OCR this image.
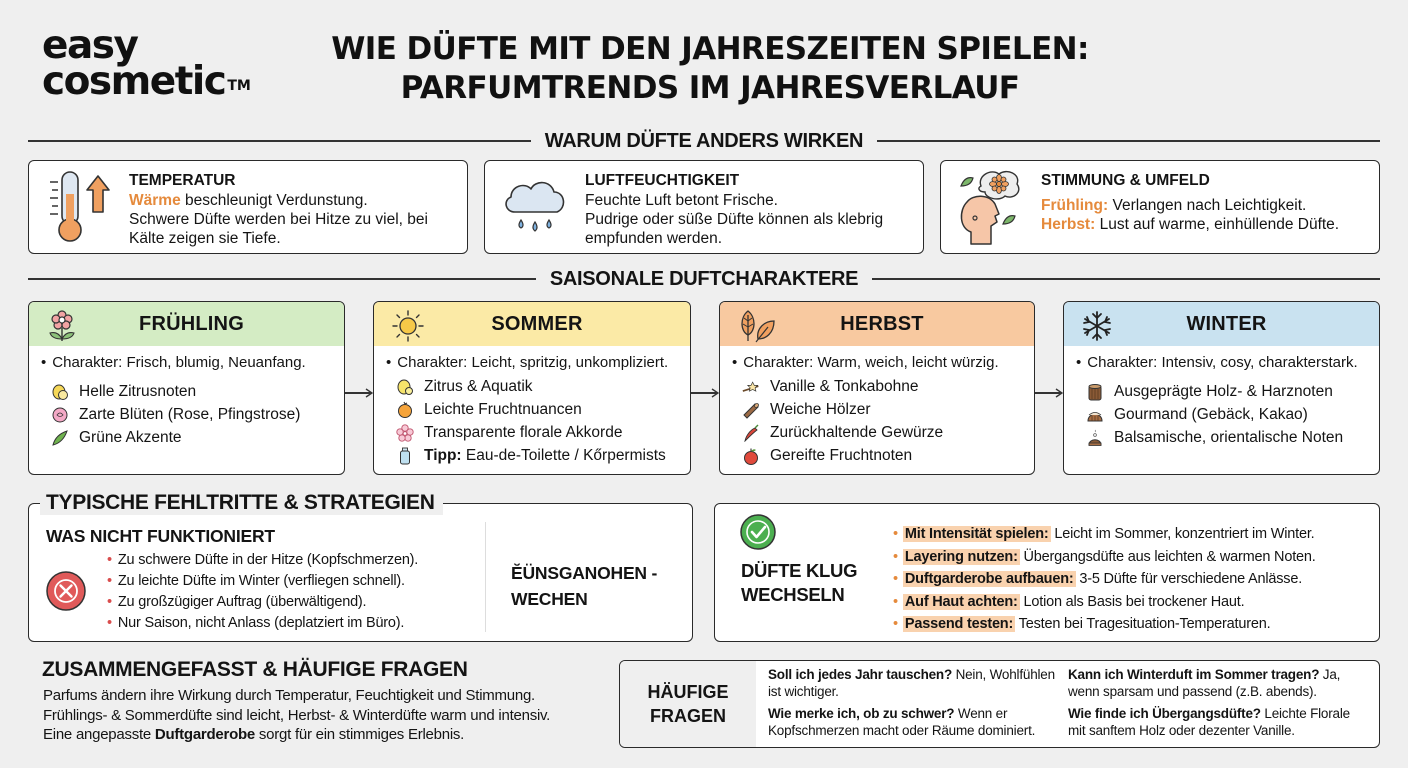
easy
cosmetic ™
WIE DÜFTE MIT DEN JAHRESZEITEN SPIELEN:
PARFUMTRENDS IM JAHRESVERLAUF
WARUM DÜFTE ANDERS WIRKEN
TEMPERATUR
Wärme beschleunigt Verdunstung.
Schwere Düfte werden bei Hitze zu viel, bei Kälte zeigen sie Tiefe.
LUFTFEUCHTIGKEIT
Feuchte Luft betont Frische.
Pudrige oder süße Düfte können als klebrig empfunden werden.
STIMMUNG & UMFELD
Frühling: Verlangen nach Leichtigkeit.
Herbst: Lust auf warme, einhüllende Düfte.
SAISONALE DUFTCHARAKTERE
FRÜHLING
• Charakter: Frisch, blumig, Neuanfang.
Helle Zitrusnoten
Zarte Blüten (Rose, Pfingstrose)
Grüne Akzente
SOMMER
• Charakter: Leicht, spritzig, unkompliziert.
Zitrus & Aquatik
Leichte Fruchtnuancen
Transparente florale Akkorde
Tipp: Eau-de-Toilette / Kőrpermists
HERBST
• Charakter: Warm, weich, leicht würzig.
Vanille & Tonkabohne
Weiche Hölzer
Zurückhaltende Gewürze
Gereifte Fruchtnoten
WINTER
• Charakter: Intensiv, cosy, charakterstark.
Ausgeprägte Holz- & Harznoten
Gourmand (Gebäck, Kakao)
Balsamische, orientalische Noten
WAS NICHT FUNKTIONIERT
• Zu schwere Düfte in der Hitze (Kopfschmerzen).
• Zu leichte Düfte im Winter (verfliegen schnell).
• Zu großzügiger Auftrag (überwältigend).
• Nur Saison, nicht Anlass (deplatziert im Büro).
ĔÜNSGANOHEN -
WECHEN
TYPISCHE FEHLTRITTE & STRATEGIEN
DÜFTE KLUG
WECHSELN
• Mit Intensität spielen: Leicht im Sommer, konzentriert im Winter.
• Layering nutzen: Übergangsdüfte aus leichten & warmen Noten.
• Duftgarderobe aufbauen: 3-5 Düfte für verschiedene Anlässe.
• Auf Haut achten: Lotion als Basis bei trockener Haut.
• Passend testen: Testen bei Tragesituation-Temperaturen.
ZUSAMMENGEFASST & HÄUFIGE FRAGEN
Parfums ändern ihre Wirkung durch Temperatur, Feuchtigkeit und Stimmung.
Frühlings- & Sommerdüfte sind leicht, Herbst- & Winterdüfte warm und intensiv.
Eine angepasste Duftgarderobe sorgt für ein stimmiges Erlebnis.
HÄUFIGE
FRAGEN
Soll ich jedes Jahr tauschen? Nein, Wohlfühlen ist wichtiger.
Wie merke ich, ob zu schwer? Wenn er Kopfschmerzen macht oder Räume dominiert.
Kann ich Winterduft im Sommer tragen? Ja, wenn sparsam und passend (z.B. abends).
Wie finde ich Übergangsdüfte? Leichte Florale mit sanftem Holz oder dezenter Vanille.
